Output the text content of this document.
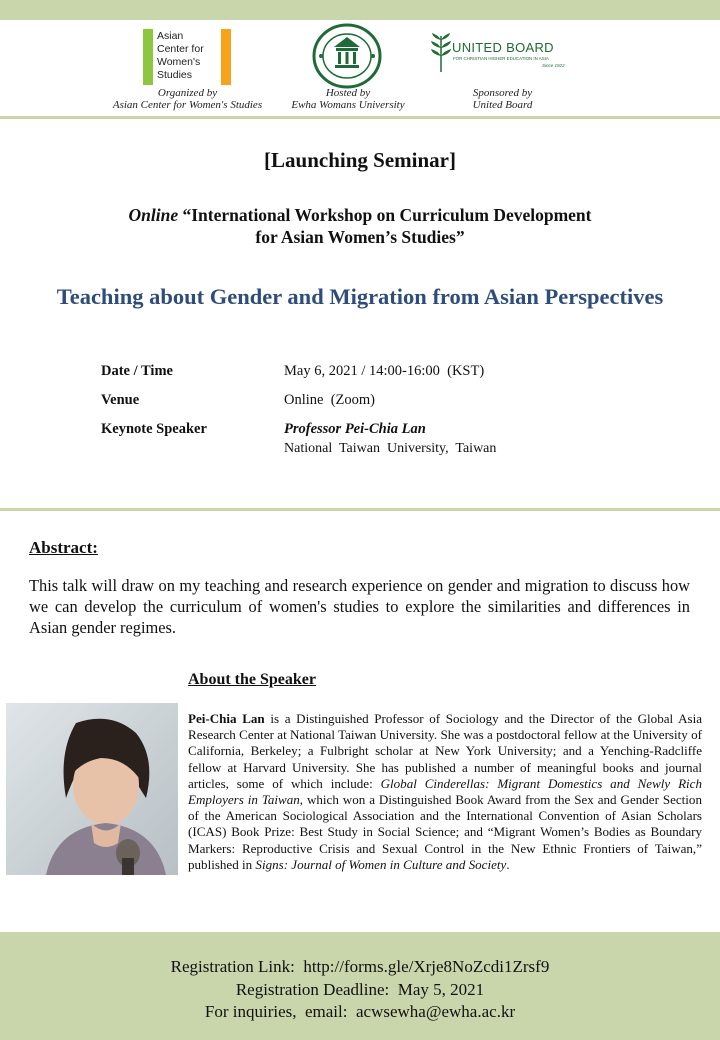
Asian
Center for
Women's
Studies
Organized by
Asian Center for Women's Studies
Hosted by
Ewha Womans University
UNITED BOARD
FOR CHRISTIAN HIGHER EDUCATION IN ASIA
Since 1922
Sponsored by
United Board
[Launching Seminar]
Online “International Workshop on Curriculum Development
for Asian Women’s Studies”
Teaching about Gender and Migration from Asian Perspectives
Date / Time	May 6, 2021 / 14:00-16:00  (KST)
Venue	Online  (Zoom)
Keynote Speaker	Professor Pei-Chia Lan
National  Taiwan  University,  Taiwan
Abstract:
This talk will draw on my teaching and research experience on gender and migration to discuss how we can develop the curriculum of women's studies to explore the similarities and differences in Asian gender regimes.
About the Speaker
Pei-Chia Lan is a Distinguished Professor of Sociology and the Director of the Global Asia Research Center at National Taiwan University. She was a postdoctoral fellow at the University of California, Berkeley; a Fulbright scholar at New York University; and a Yenching-Radcliffe fellow at Harvard University. She has published a number of meaningful books and journal articles, some of which include: Global Cinderellas: Migrant Domestics and Newly Rich Employers in Taiwan, which won a Distinguished Book Award from the Sex and Gender Section of the American Sociological Association and the International Convention of Asian Scholars (ICAS) Book Prize: Best Study in Social Science; and “Migrant Women’s Bodies as Boundary Markers: Reproductive Crisis and Sexual Control in the New Ethnic Frontiers of Taiwan,” published in Signs: Journal of Women in Culture and Society.
Registration Link:  http://forms.gle/Xrje8NoZcdi1Zrsf9
Registration Deadline:  May 5, 2021
For inquiries,  email:  acwsewha@ewha.ac.kr
